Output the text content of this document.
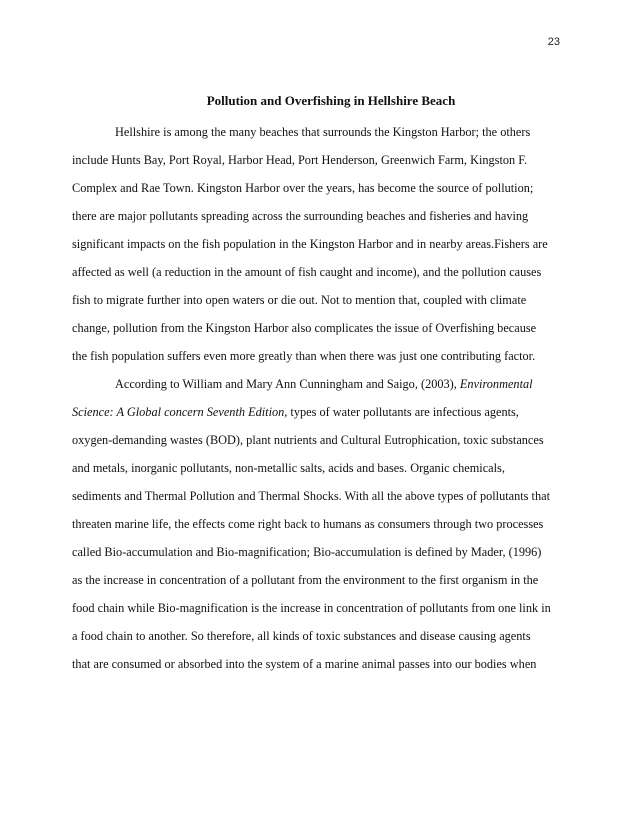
23
Pollution and Overfishing in Hellshire Beach
Hellshire is among the many beaches that surrounds the Kingston Harbor; the others
include Hunts Bay, Port Royal, Harbor Head, Port Henderson, Greenwich Farm, Kingston F.
Complex and Rae Town. Kingston Harbor over the years, has become the source of pollution;
there are major pollutants spreading across the surrounding beaches and fisheries and having
significant impacts on the fish population in the Kingston Harbor and in nearby areas.Fishers are
affected as well (a reduction in the amount of fish caught and income), and the pollution causes
fish to migrate further into open waters or die out. Not to mention that, coupled with climate
change, pollution from the Kingston Harbor also complicates the issue of Overfishing because
the fish population suffers even more greatly than when there was just one contributing factor.
According to William and Mary Ann Cunningham and Saigo, (2003), Environmental
Science: A Global concern Seventh Edition, types of water pollutants are infectious agents,
oxygen-demanding wastes (BOD), plant nutrients and Cultural Eutrophication, toxic substances
and metals, inorganic pollutants, non-metallic salts, acids and bases. Organic chemicals,
sediments and Thermal Pollution and Thermal Shocks. With all the above types of pollutants that
threaten marine life, the effects come right back to humans as consumers through two processes
called Bio-accumulation and Bio-magnification; Bio-accumulation is defined by Mader, (1996)
as the increase in concentration of a pollutant from the environment to the first organism in the
food chain while Bio-magnification is the increase in concentration of pollutants from one link in
a food chain to another. So therefore, all kinds of toxic substances and disease causing agents
that are consumed or absorbed into the system of a marine animal passes into our bodies when
